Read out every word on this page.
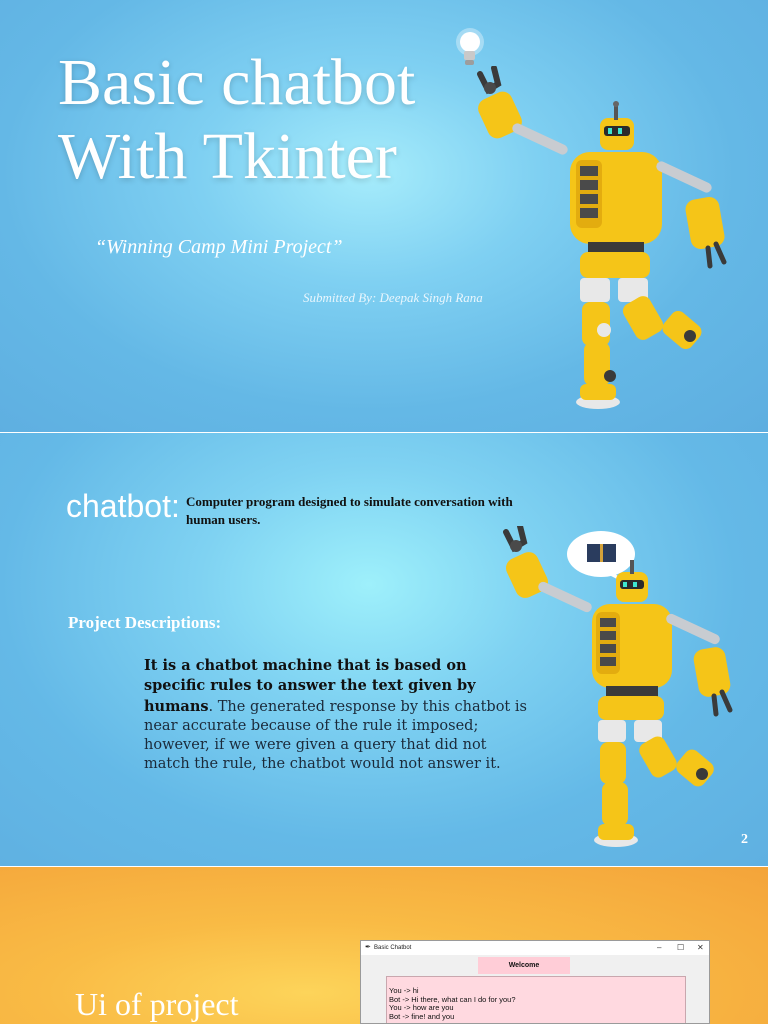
Basic chatbot
With Tkinter
“Winning Camp Mini Project”
Submitted By: Deepak Singh Rana
chatbot: Computer program designed to simulate conversation with human users.
Project Descriptions:
It is a chatbot machine that is based on specific rules to answer the text given by humans. The generated response by this chatbot is near accurate because of the rule it imposed; however, if we were given a query that did not match the rule, the chatbot would not answer it.
2
Ui of project
✒ Basic Chatbot	– ☐ ✕
Welcome
You -> hi
Bot -> Hi there, what can I do for you?
You -> how are you
Bot -> fine! and you
